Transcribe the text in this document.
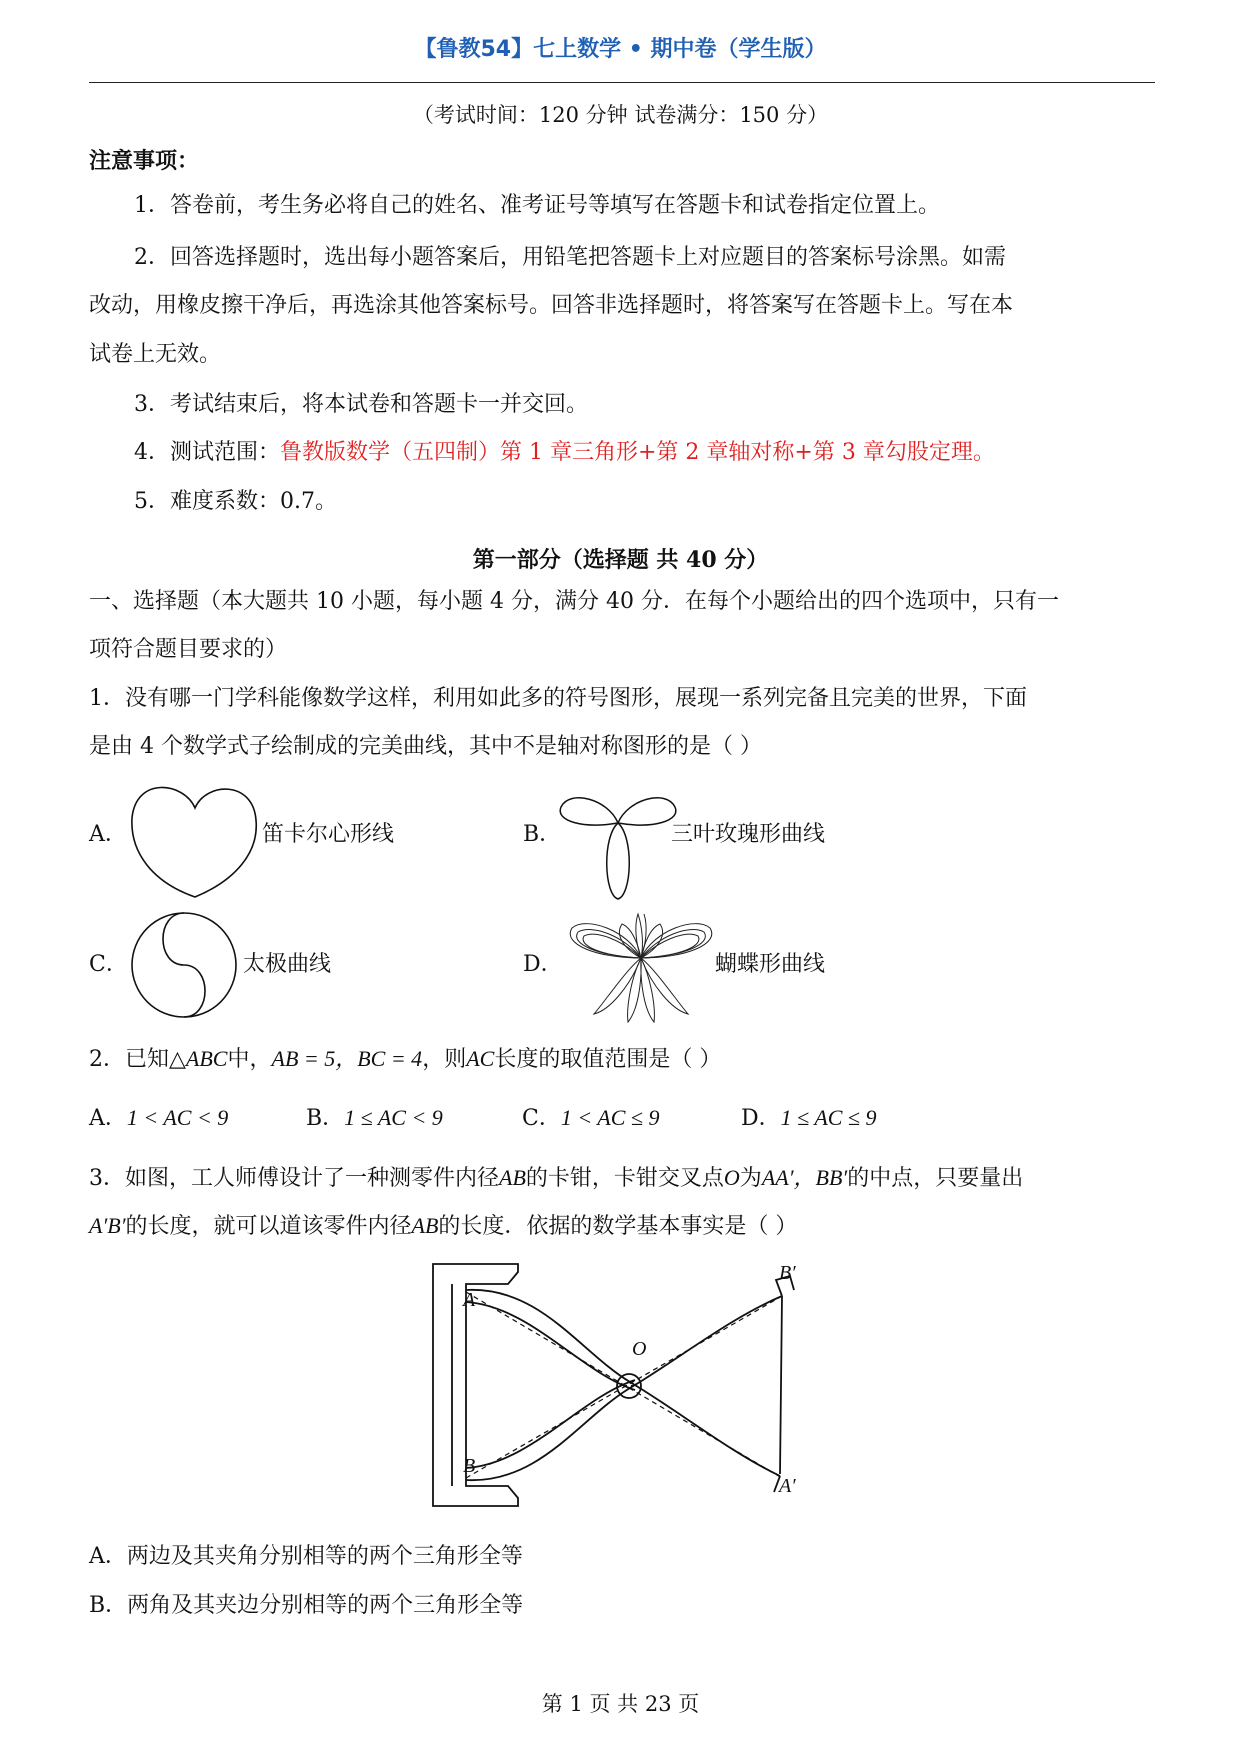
【鲁教54】七上数学 • 期中卷（学生版）
（考试时间：120 分钟 试卷满分：150 分）
注意事项：
1．答卷前，考生务必将自己的姓名、准考证号等填写在答题卡和试卷指定位置上。
2．回答选择题时，选出每小题答案后，用铅笔把答题卡上对应题目的答案标号涂黑。如需
改动，用橡皮擦干净后，再选涂其他答案标号。回答非选择题时，将答案写在答题卡上。写在本
试卷上无效。
3．考试结束后，将本试卷和答题卡一并交回。
4．测试范围：鲁教版数学（五四制）第 1 章三角形+第 2 章轴对称+第 3 章勾股定理。
5．难度系数：0.7。
第一部分（选择题 共 40 分）
一、选择题（本大题共 10 小题，每小题 4 分，满分 40 分．在每个小题给出的四个选项中，只有一
项符合题目要求的）
1．没有哪一门学科能像数学这样，利用如此多的符号图形，展现一系列完备且完美的世界，下面
是由 4 个数学式子绘制成的完美曲线，其中不是轴对称图形的是（ ）
A．	笛卡尔心形线	B．	三叶玫瑰形曲线
C．	太极曲线	D．	蝴蝶形曲线
2．已知△ABC中，AB = 5，BC = 4，则AC长度的取值范围是（ ）
A．1 < AC < 9	B．1 ≤ AC < 9	C．1 < AC ≤ 9	D．1 ≤ AC ≤ 9
3．如图，工人师傅设计了一种测零件内径AB的卡钳，卡钳交叉点O为AA′，BB′的中点，只要量出
A′B′的长度，就可以道该零件内径AB的长度．依据的数学基本事实是（ ）
A
B
O
B′
A′
A．两边及其夹角分别相等的两个三角形全等
B．两角及其夹边分别相等的两个三角形全等
第 1 页 共 23 页
